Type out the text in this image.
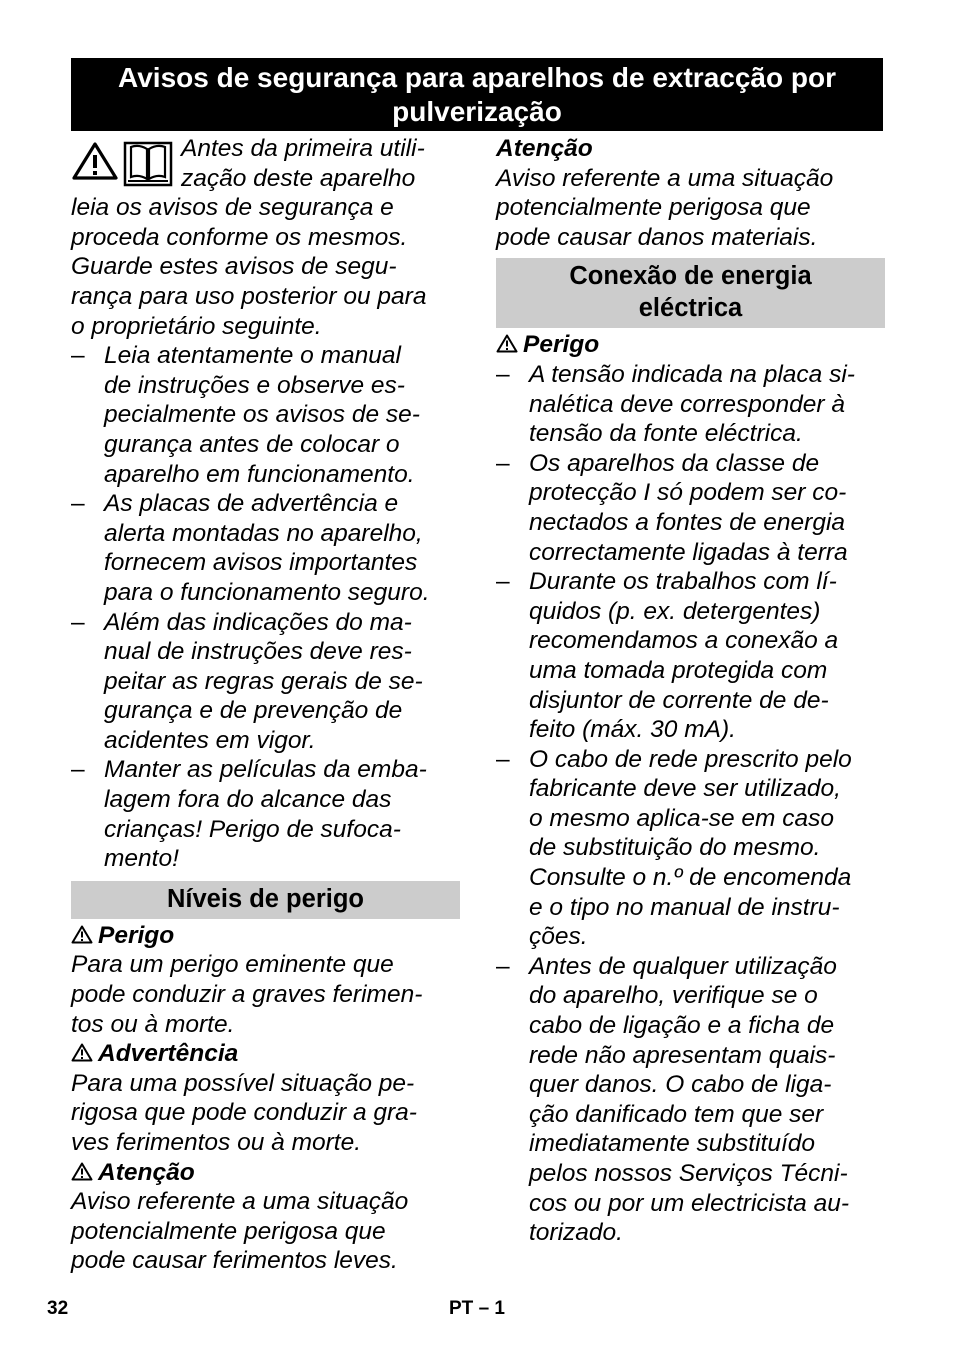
Avisos de segurança para aparelhos de extracção por
pulverização
Antes da primeira utili-
zação deste aparelho
leia os avisos de segurança e
proceda conforme os mesmos.
Guarde estes avisos de segu-
rança para uso posterior ou para
o proprietário seguinte.
– Leia atentamente o manual
de instruções e observe es-
pecialmente os avisos de se-
gurança antes de colocar o
aparelho em funcionamento.
– As placas de advertência e
alerta montadas no aparelho,
fornecem avisos importantes
para o funcionamento seguro.
– Além das indicações do ma-
nual de instruções deve res-
peitar as regras gerais de se-
gurança e de prevenção de
acidentes em vigor.
– Manter as películas da emba-
lagem fora do alcance das
crianças! Perigo de sufoca-
mento!
Níveis de perigo
Perigo
Para um perigo eminente que
pode conduzir a graves ferimen-
tos ou à morte.
Advertência
Para uma possível situação pe-
rigosa que pode conduzir a gra-
ves ferimentos ou à morte.
Atenção
Aviso referente a uma situação
potencialmente perigosa que
pode causar ferimentos leves.
Atenção
Aviso referente a uma situação
potencialmente perigosa que
pode causar danos materiais.
Conexão de energia
eléctrica
Perigo
– A tensão indicada na placa si-
nalética deve corresponder à
tensão da fonte eléctrica.
– Os aparelhos da classe de
protecção I só podem ser co-
nectados a fontes de energia
correctamente ligadas à terra
– Durante os trabalhos com lí-
quidos (p. ex. detergentes)
recomendamos a conexão a
uma tomada protegida com
disjuntor de corrente de de-
feito (máx. 30 mA).
– O cabo de rede prescrito pelo
fabricante deve ser utilizado,
o mesmo aplica-se em caso
de substituição do mesmo.
Consulte o n.º de encomenda
e o tipo no manual de instru-
ções.
– Antes de qualquer utilização
do aparelho, verifique se o
cabo de ligação e a ficha de
rede não apresentam quais-
quer danos. O cabo de liga-
ção danificado tem que ser
imediatamente substituído
pelos nossos Serviços Técni-
cos ou por um electricista au-
torizado.
32	PT – 1
